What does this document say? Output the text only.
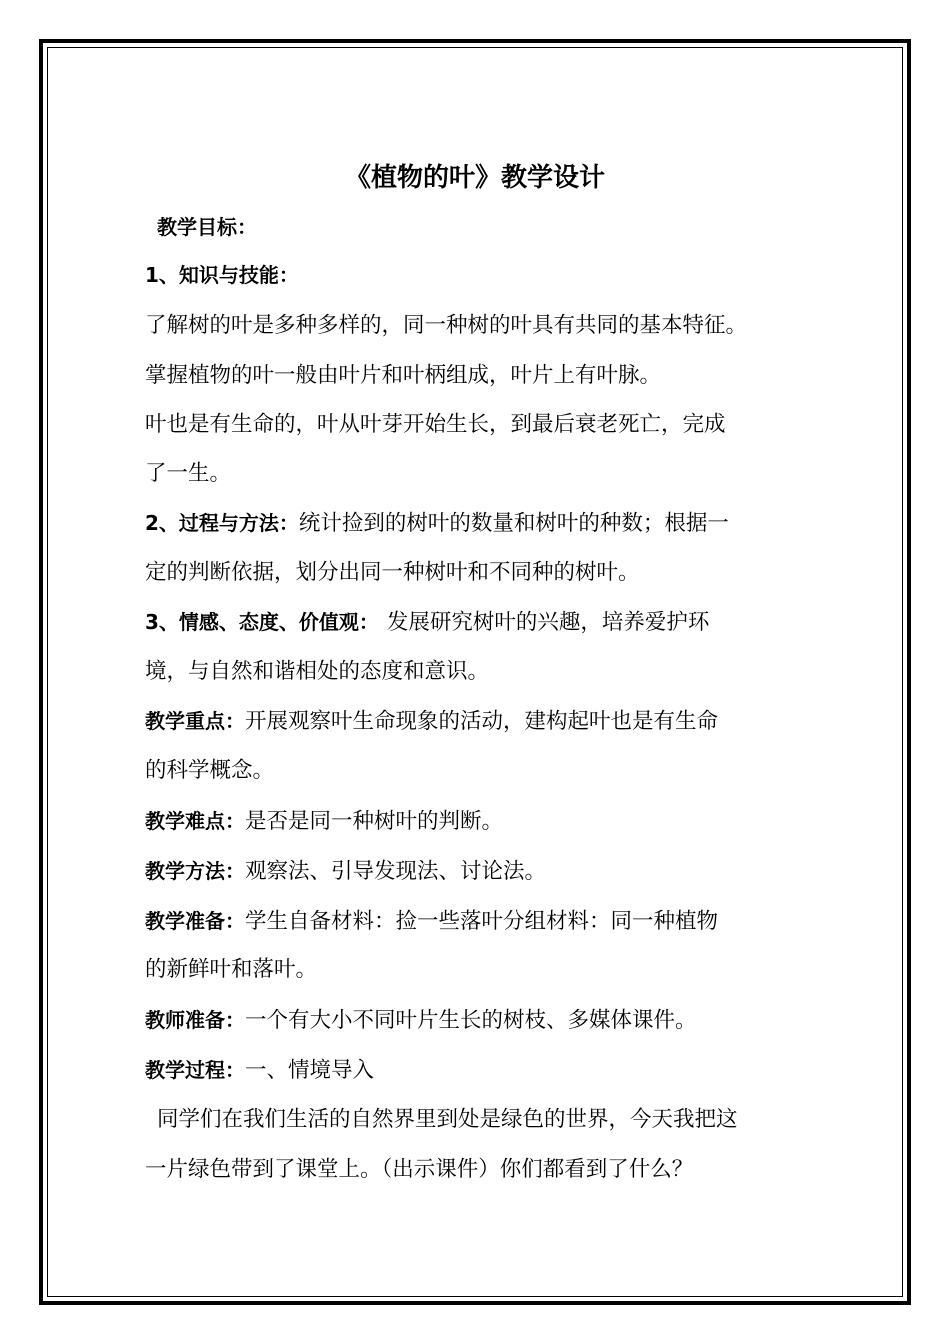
《植物的叶》教学设计
教学目标：
1、知识与技能：
了解树的叶是多种多样的，同一种树的叶具有共同的基本特征。
掌握植物的叶一般由叶片和叶柄组成，叶片上有叶脉。
叶也是有生命的，叶从叶芽开始生长，到最后衰老死亡，完成
了一生。
2、过程与方法：统计捡到的树叶的数量和树叶的种数；根据一
定的判断依据，划分出同一种树叶和不同种的树叶。
3、情感、态度、价值观： 发展研究树叶的兴趣，培养爱护环
境，与自然和谐相处的态度和意识。
教学重点：开展观察叶生命现象的活动，建构起叶也是有生命
的科学概念。
教学难点：是否是同一种树叶的判断。
教学方法：观察法、引导发现法、讨论法。
教学准备：学生自备材料：捡一些落叶分组材料：同一种植物
的新鲜叶和落叶。
教师准备：一个有大小不同叶片生长的树枝、多媒体课件。
教学过程：一、情境导入
同学们在我们生活的自然界里到处是绿色的世界，今天我把这
一片绿色带到了课堂上。（出示课件）你们都看到了什么？
